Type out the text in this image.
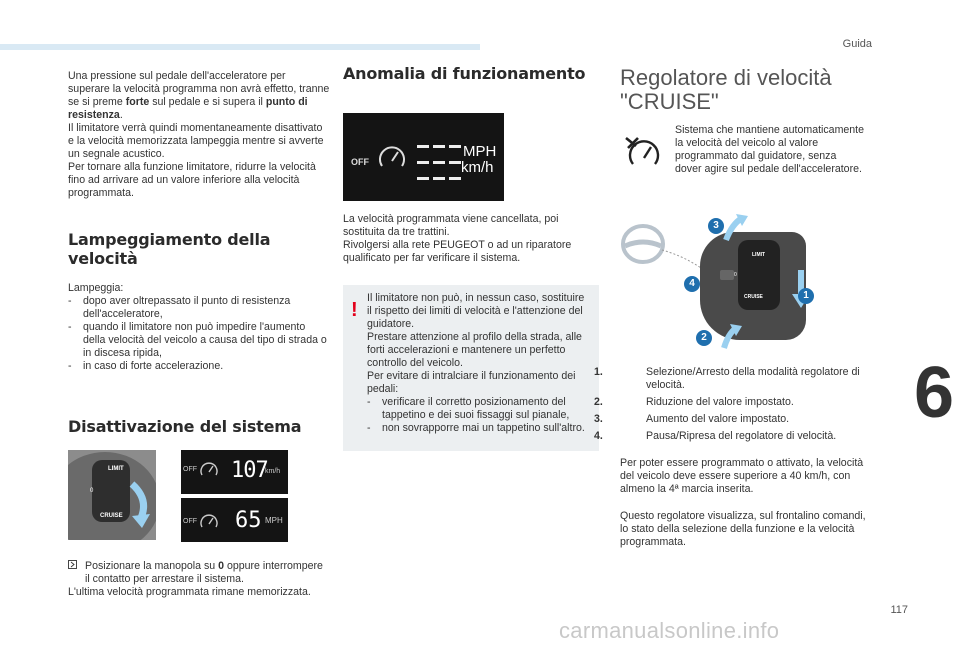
Guida

Una pressione sul pedale dell'acceleratore per superare la velocità programma non avrà effetto, tranne se si preme forte sul pedale e si supera il punto di resistenza.

Il limitatore verrà quindi momentaneamente disattivato e la velocità memorizzata lampeggia mentre si avverte un segnale acustico.

Per tornare alla funzione limitatore, ridurre la velocità fino ad arrivare ad un valore inferiore alla velocità programmata.

Lampeggiamento della velocità

Lampeggia:

- dopo aver oltrepassato il punto di resistenza dell'acceleratore,
- quando il limitatore non può impedire l'aumento della velocità del veicolo a causa del tipo di strada o in discesa ripida,
- in caso di forte accelerazione.
Disattivazione del sistema
LIMIT
0
CRUISE
OFF 107
km/h
OFF 65 MPH

Posizionare la manopola su 0 oppure interrompere il contatto per arrestare il sistema.

L'ultima velocità programmata rimane memorizzata.

Anomalia di funzionamento
OFF
MPH
km/h

La velocità programmata viene cancellata, poi sostituita da tre trattini.

Rivolgersi alla rete PEUGEOT o ad un riparatore qualificato per far verificare il sistema.

!

Il limitatore non può, in nessun caso, sostituire il rispetto dei limiti di velocità e l'attenzione del guidatore.

Prestare attenzione al profilo della strada, alle forti accelerazioni e mantenere un perfetto controllo del veicolo.

Per evitare di intralciare il funzionamento dei pedali:

- verificare il corretto posizionamento del tappetino e dei suoi fissaggi sul pianale,
- non sovrapporre mai un tappetino sull'altro.
Regolatore di velocità
"CRUISE"

Sistema che mantiene automaticamente la velocità del veicolo al valore programmato dal guidatore, senza dover agire sul pedale dell'acceleratore.

LIMIT
0
CRUISE	1
2
3
4

1.	Selezione/Arresto della modalità regolatore di velocità.

2.	Riduzione del valore impostato.

3.	Aumento del valore impostato.

4.	Pausa/Ripresa del regolatore di velocità.

Per poter essere programmato o attivato, la velocità del veicolo deve essere superiore a 40 km/h, con almeno la 4ª marcia inserita.

Questo regolatore visualizza, sul frontalino comandi, lo stato della selezione della funzione e la velocità programmata.

6
117
carmanualsonline.info
